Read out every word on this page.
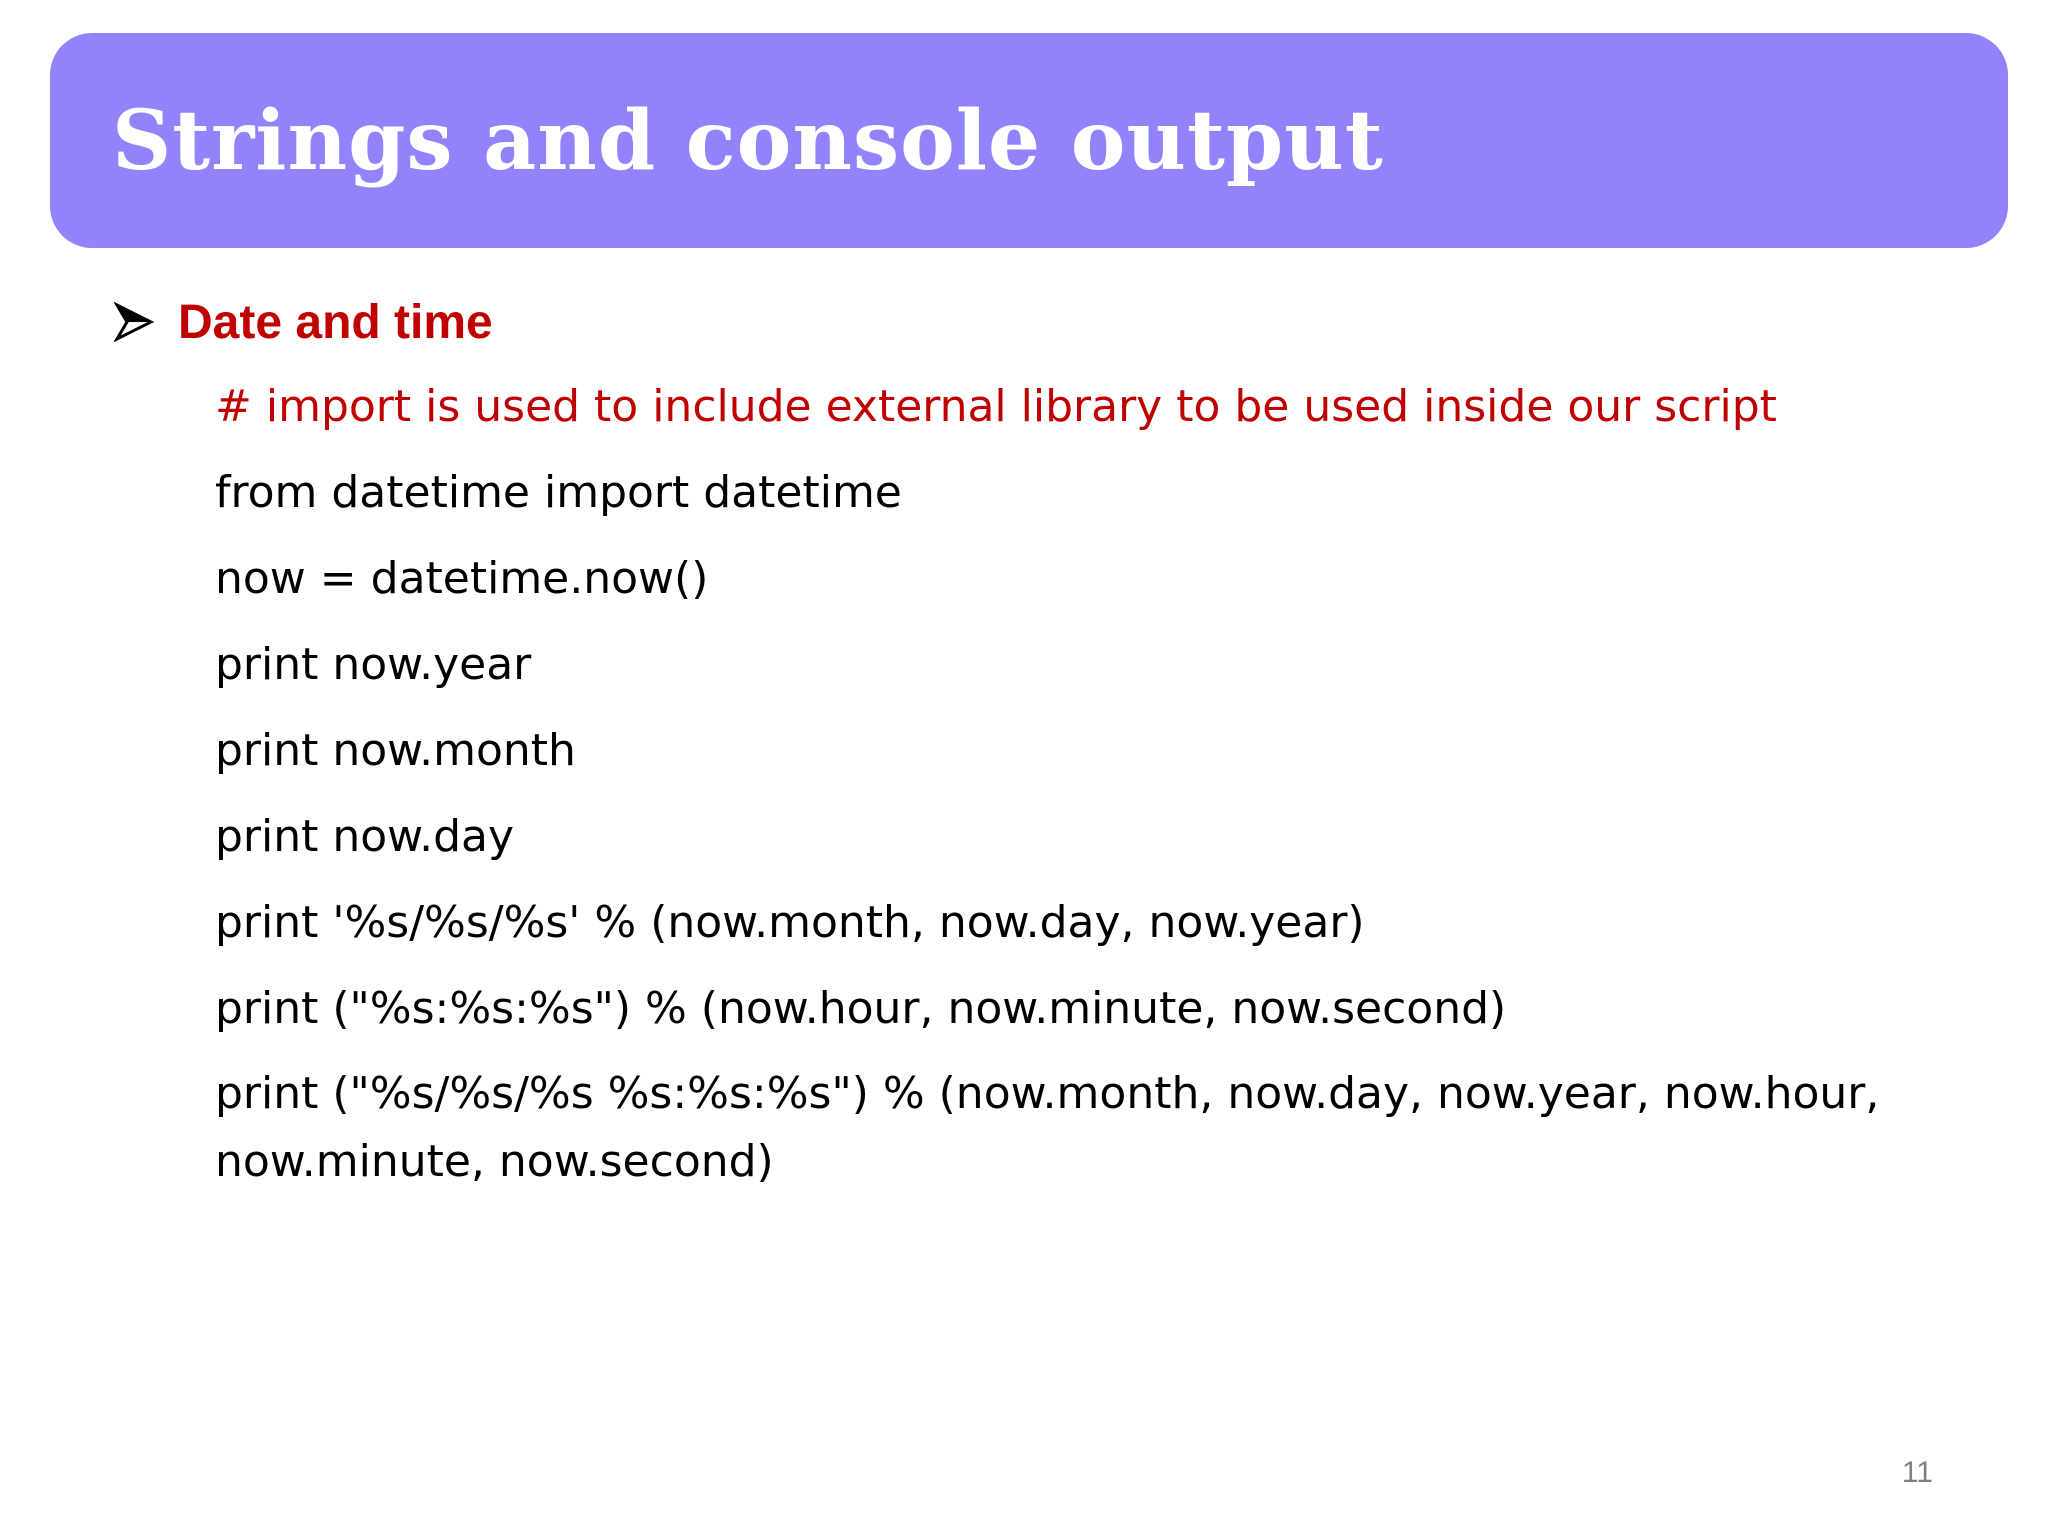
Strings and console output
Date and time
# import is used to include external library to be used inside our script
from datetime import datetime
now = datetime.now()
print now.year
print now.month
print now.day
print '%s/%s/%s' % (now.month, now.day, now.year)
print ("%s:%s:%s") % (now.hour, now.minute, now.second)
print ("%s/%s/%s %s:%s:%s") % (now.month, now.day, now.year, now.hour, now.minute, now.second)
11
